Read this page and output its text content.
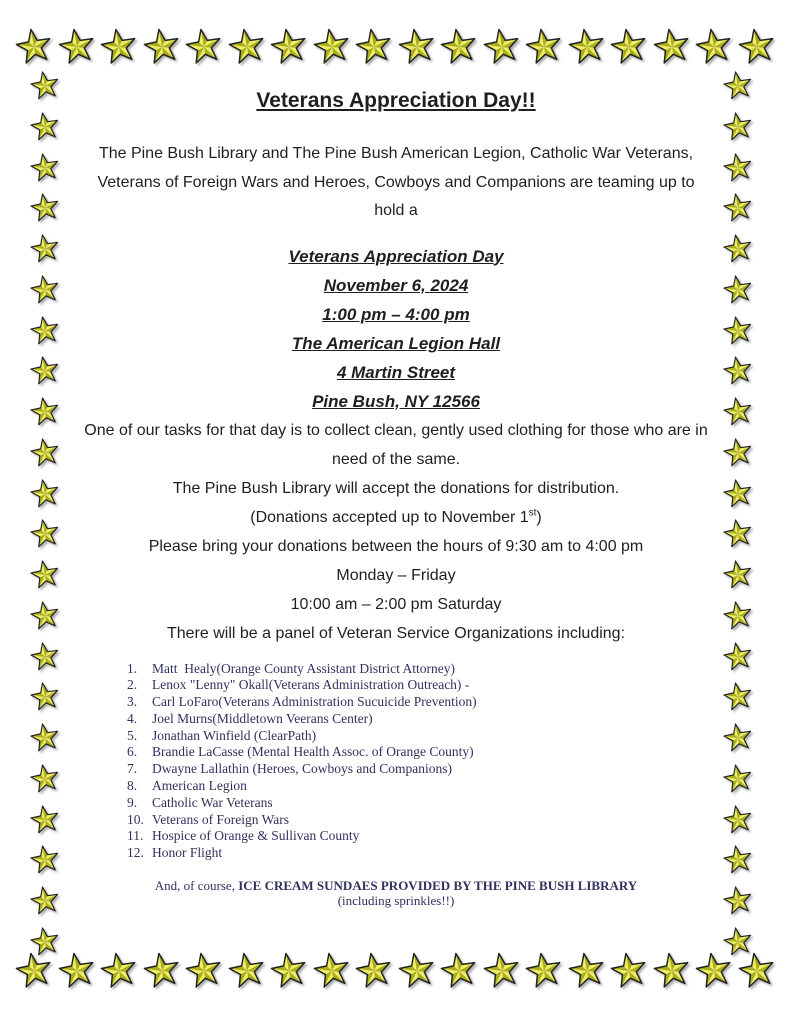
Veterans Appreciation Day!!

The Pine Bush Library and The Pine Bush American Legion, Catholic War Veterans, Veterans of Foreign Wars and Heroes, Cowboys and Companions are teaming up to hold a

Veterans Appreciation Day
November 6, 2024
1:00 pm – 4:00 pm
The American Legion Hall
4 Martin Street
Pine Bush, NY 12566

One of our tasks for that day is to collect clean, gently used clothing for those who are in need of the same.

The Pine Bush Library will accept the donations for distribution.

(Donations accepted up to November 1st)

Please bring your donations between the hours of 9:30 am to 4:00 pm

Monday – Friday

10:00 am – 2:00 pm Saturday

There will be a panel of Veteran Service Organizations including:

1.	Matt  Healy(Orange County Assistant District Attorney)
2.	Lenox "Lenny" Okall(Veterans Administration Outreach) -
3.	Carl LoFaro(Veterans Administration Sucuicide Prevention)
4.	Joel Murns(Middletown Veerans Center)
5.	Jonathan Winfield (ClearPath)
6.	Brandie LaCasse (Mental Health Assoc. of Orange County)
7.	Dwayne Lallathin (Heroes, Cowboys and Companions)
8.	American Legion
9.	Catholic War Veterans
10. Veterans of Foreign Wars
11. Hospice of Orange & Sullivan County
12. Honor Flight

And, of course, ICE CREAM SUNDAES PROVIDED BY THE PINE BUSH LIBRARY

(including sprinkles!!)
